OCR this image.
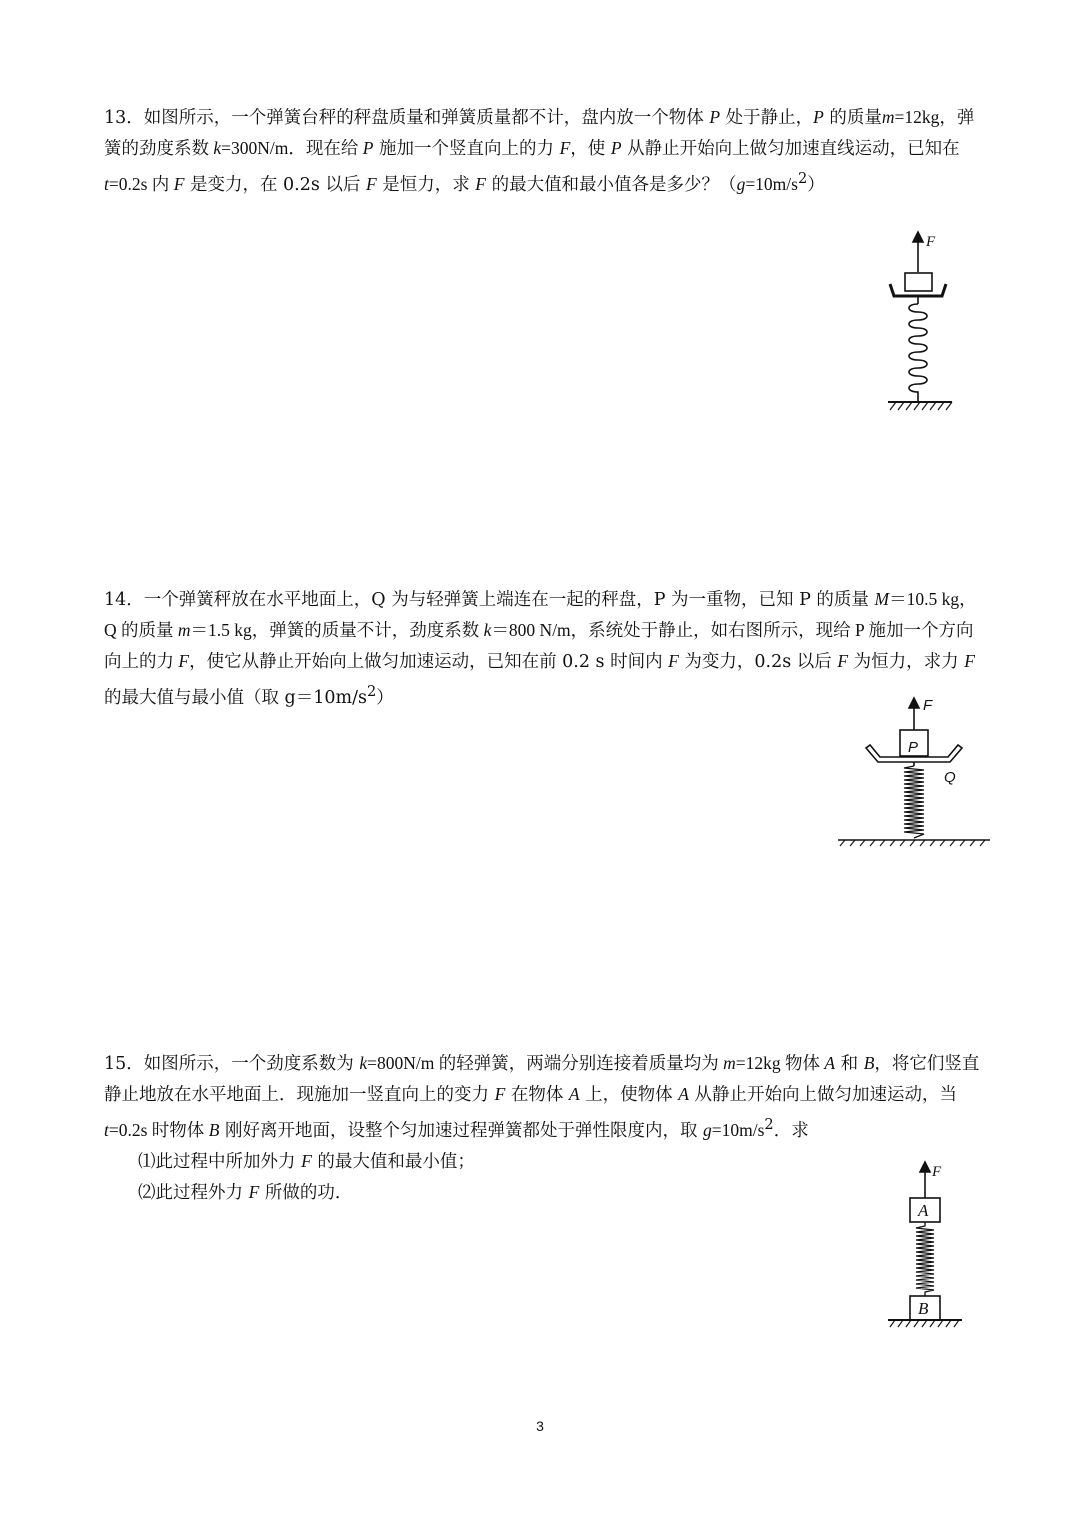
13．如图所示，一个弹簧台秤的秤盘质量和弹簧质量都不计，盘内放一个物体 P 处于静止，P 的质量m=12kg，弹簧的劲度系数 k=300N/m．现在给 P 施加一个竖直向上的力 F，使 P 从静止开始向上做匀加速直线运动，已知在 t=0.2s 内 F 是变力，在 0.2s 以后 F 是恒力，求 F 的最大值和最小值各是多少？$(g=10m/s^2)$

F

14．一个弹簧秤放在水平地面上，Q 为与轻弹簧上端连在一起的秤盘，P 为一重物，已知 P 的质量 M＝10.5 kg，Q 的质量 m＝1.5 kg，弹簧的质量不计，劲度系数 k＝800 N/m，系统处于静止，如右图所示，现给 P 施加一个方向向上的力 F，使它从静止开始向上做匀加速运动，已知在前 0.2 s 时间内 F 为变力，0.2s 以后 F 为恒力，求力 F 的最大值与最小值（取 $g=10m/s^2$）	F
P
Q

15．如图所示，一个劲度系数为 k=800N/m 的轻弹簧，两端分别连接着质量均为 m=12kg 物体 A 和 B，将它们竖直静止地放在水平地面上．现施加一竖直向上的变力 F 在物体 A 上，使物体 A 从静止开始向上做匀加速运动，当 t=0.2s 时物体 B 刚好离开地面，设整个匀加速过程弹簧都处于弹性限度内，取 $g=10m/s^2$．求

⑴此过程中所加外力 F 的最大值和最小值；

⑵此过程外力 F 所做的功．

F
A
B
3
